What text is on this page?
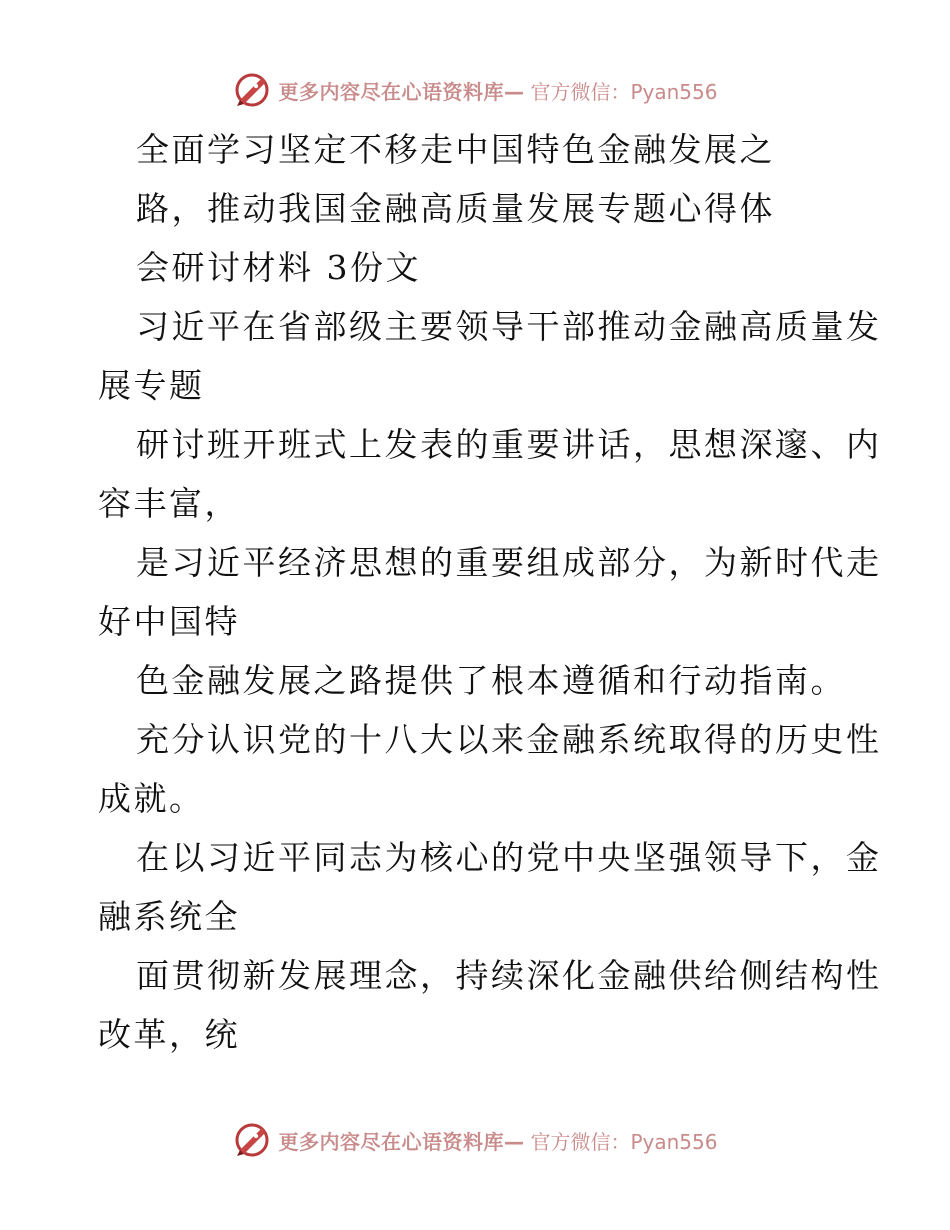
更多内容尽在心语资料库— 官方微信：Pyan556
全面学习坚定不移走中国特色金融发展之
路，推动我国金融高质量发展专题心得体
会研讨材料 3份文
习近平在省部级主要领导干部推动金融高质量发
展专题
研讨班开班式上发表的重要讲话，思想深邃、内
容丰富，
是习近平经济思想的重要组成部分，为新时代走
好中国特
色金融发展之路提供了根本遵循和行动指南。
充分认识党的十八大以来金融系统取得的历史性
成就。
在以习近平同志为核心的党中央坚强领导下，金
融系统全
面贯彻新发展理念，持续深化金融供给侧结构性
改革，统
更多内容尽在心语资料库— 官方微信：Pyan556
